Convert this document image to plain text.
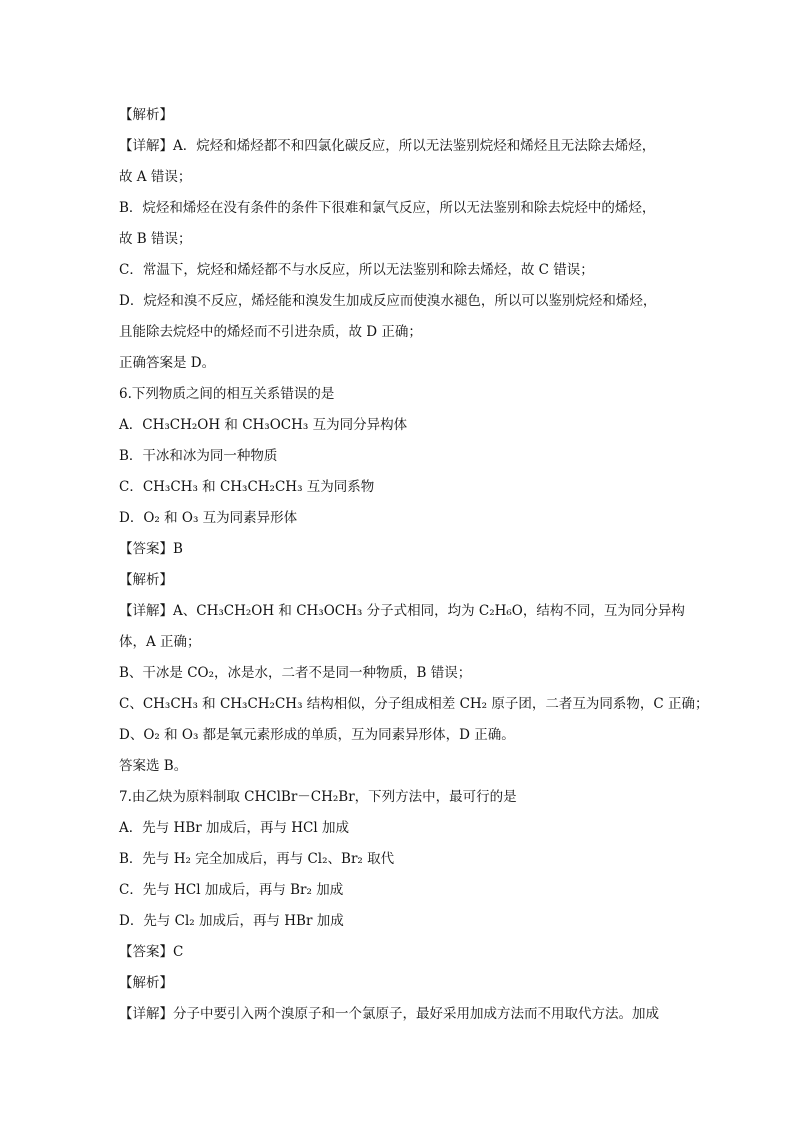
【解析】
【详解】A．烷烃和烯烃都不和四氯化碳反应，所以无法鉴别烷烃和烯烃且无法除去烯烃，
故 A 错误；
B．烷烃和烯烃在没有条件的条件下很难和氯气反应，所以无法鉴别和除去烷烃中的烯烃，
故 B 错误；
C．常温下，烷烃和烯烃都不与水反应，所以无法鉴别和除去烯烃，故 C 错误；
D．烷烃和溴不反应，烯烃能和溴发生加成反应而使溴水褪色，所以可以鉴别烷烃和烯烃，
且能除去烷烃中的烯烃而不引进杂质，故 D 正确；
正确答案是 D。
6.下列物质之间的相互关系错误的是
A．CH₃CH₂OH 和 CH₃OCH₃ 互为同分异构体
B．干冰和冰为同一种物质
C．CH₃CH₃ 和 CH₃CH₂CH₃ 互为同系物
D．O₂ 和 O₃ 互为同素异形体
【答案】B
【解析】
【详解】A、CH₃CH₂OH 和 CH₃OCH₃ 分子式相同，均为 C₂H₆O，结构不同，互为同分异构
体，A 正确；
B、干冰是 CO₂，冰是水，二者不是同一种物质，B 错误；
C、CH₃CH₃ 和 CH₃CH₂CH₃ 结构相似，分子组成相差 CH₂ 原子团，二者互为同系物，C 正确；
D、O₂ 和 O₃ 都是氧元素形成的单质，互为同素异形体，D 正确。
答案选 B。
7.由乙炔为原料制取 CHClBr－CH₂Br，下列方法中，最可行的是
A．先与 HBr 加成后，再与 HCl 加成
B．先与 H₂ 完全加成后，再与 Cl₂、Br₂ 取代
C．先与 HCl 加成后，再与 Br₂ 加成
D．先与 Cl₂ 加成后，再与 HBr 加成
【答案】C
【解析】
【详解】分子中要引入两个溴原子和一个氯原子，最好采用加成方法而不用取代方法。加成
